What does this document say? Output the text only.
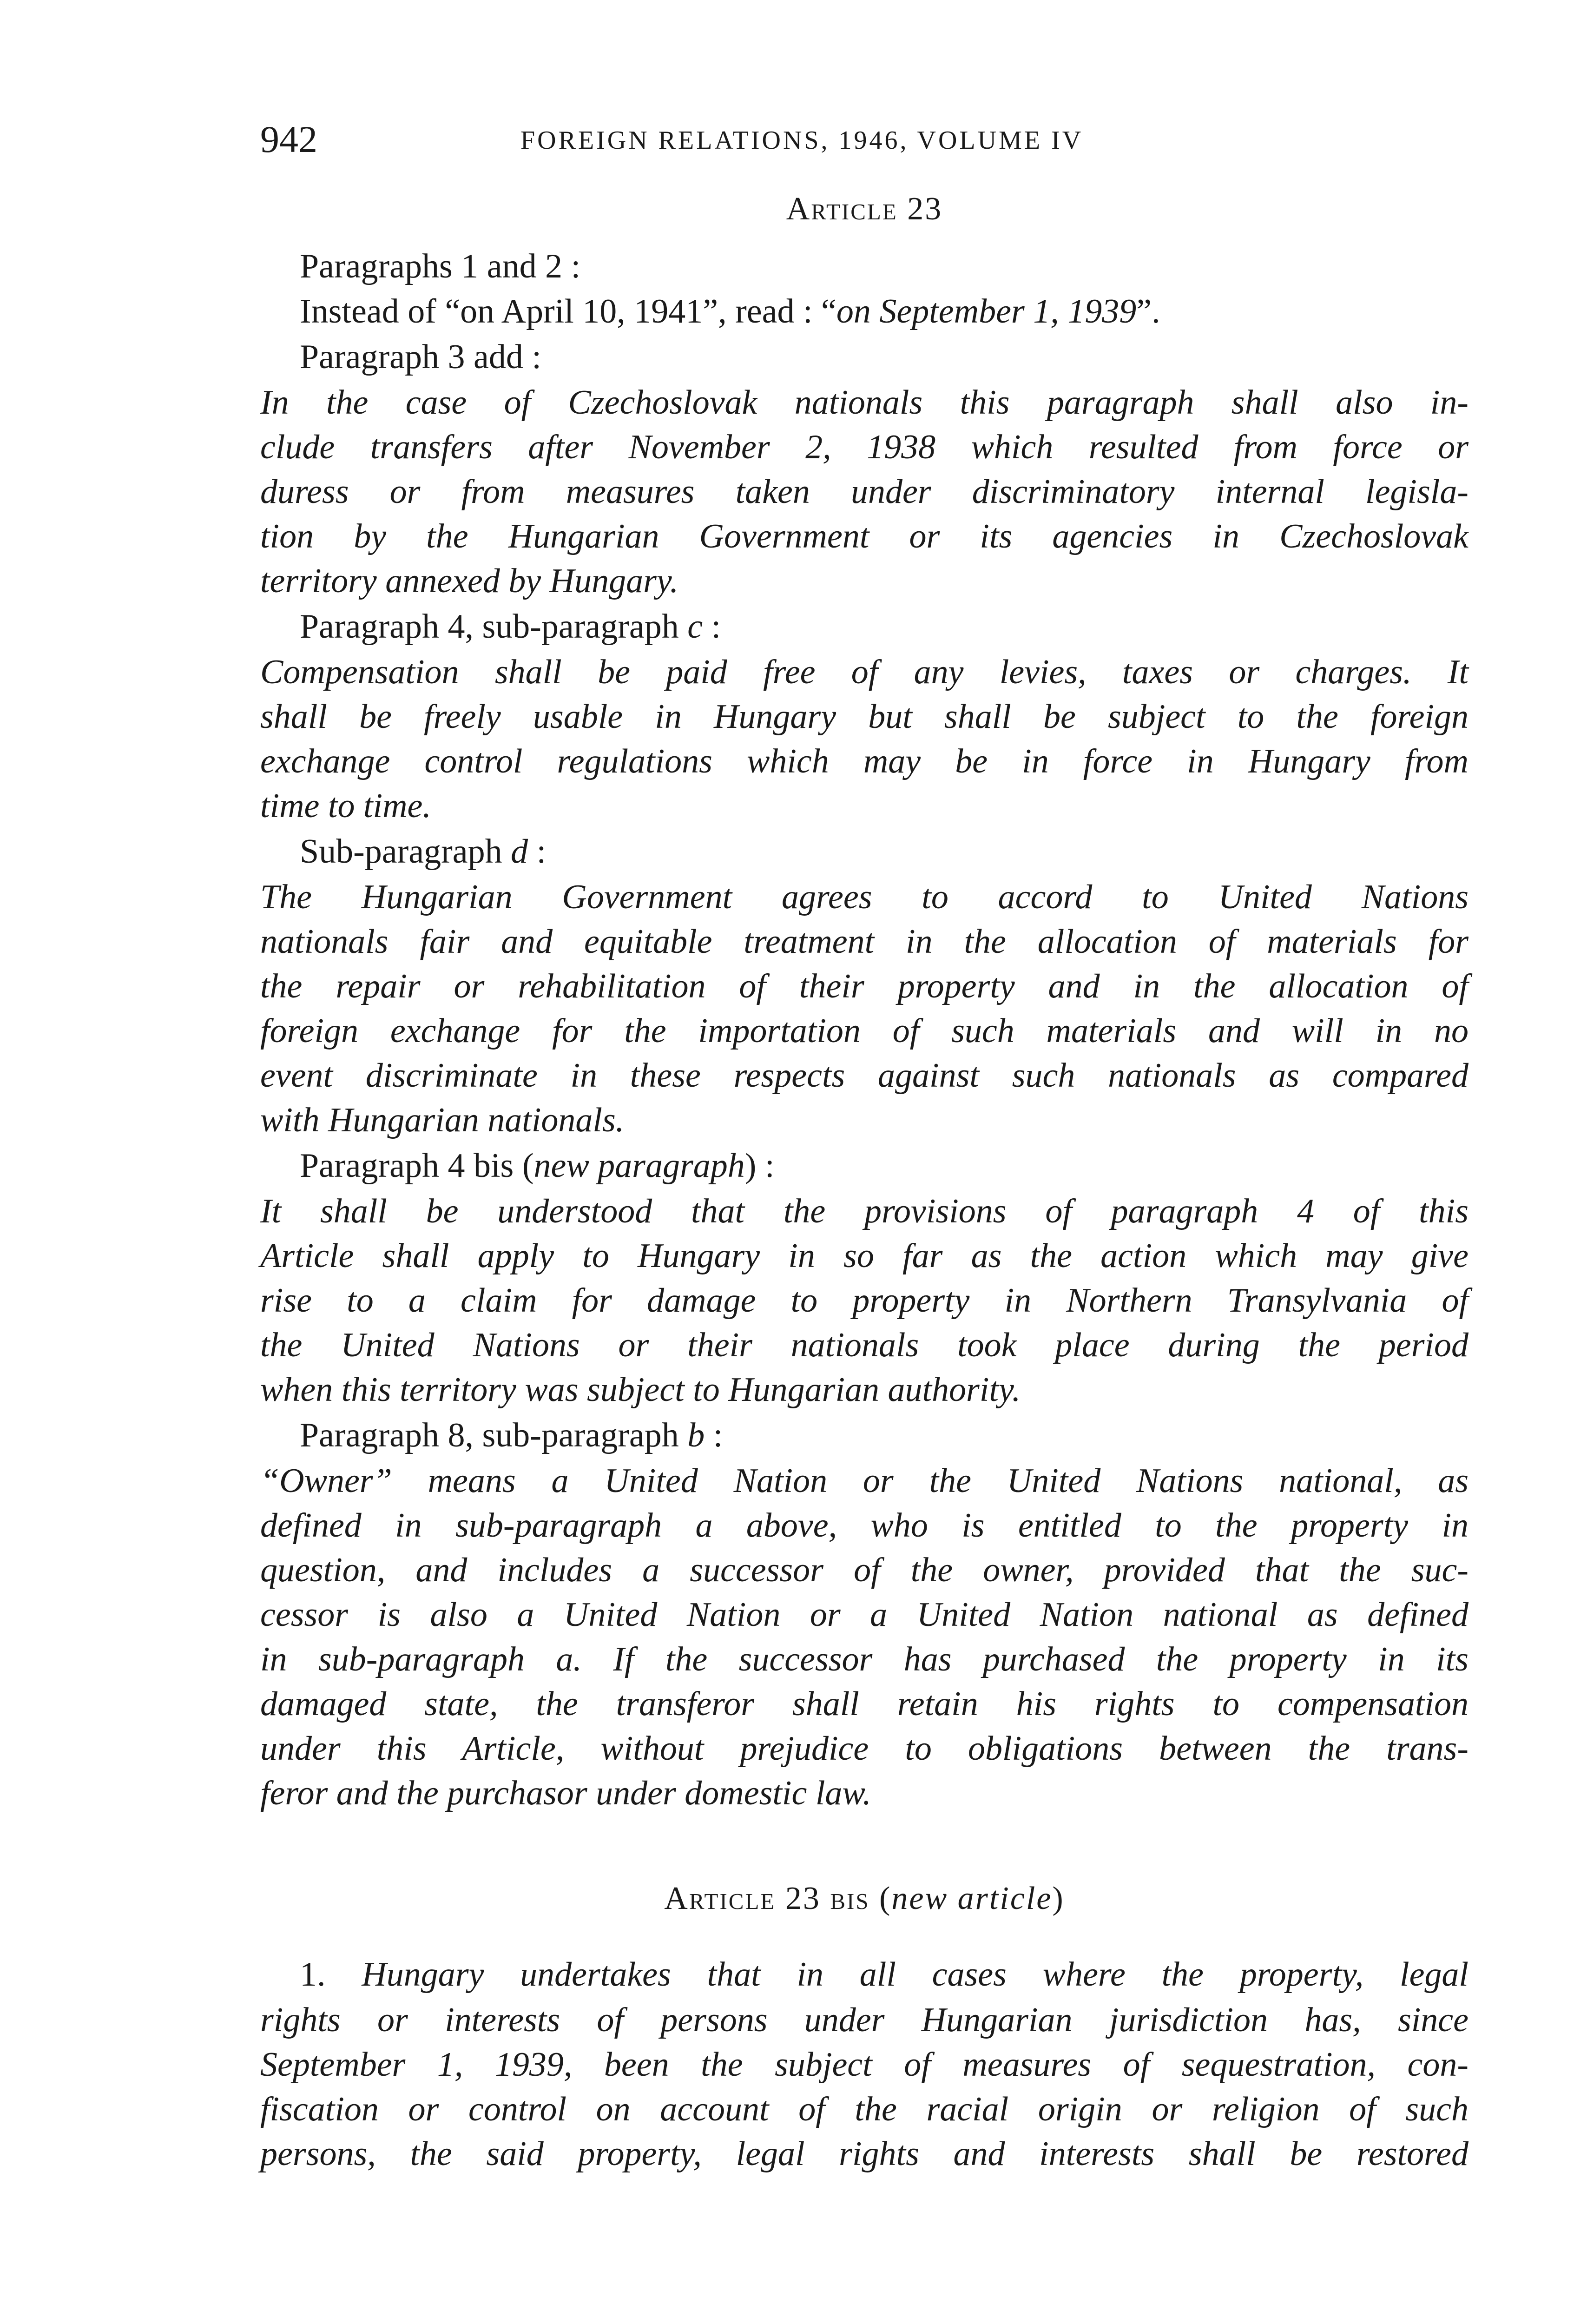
942	FOREIGN RELATIONS, 1946, VOLUME IV
Article 23
Paragraphs 1 and 2 :
Instead of “on April 10, 1941”, read : “on September 1, 1939”.
Paragraph 3 add :
In the case of Czechoslovak nationals this paragraph shall also in-
clude transfers after November 2, 1938 which resulted from force or
duress or from measures taken under discriminatory internal legisla-
tion by the Hungarian Government or its agencies in Czechoslovak
territory annexed by Hungary.
Paragraph 4, sub-paragraph c :
Compensation shall be paid free of any levies, taxes or charges. It
shall be freely usable in Hungary but shall be subject to the foreign
exchange control regulations which may be in force in Hungary from
time to time.
Sub-paragraph d :
The Hungarian Government agrees to accord to United Nations
nationals fair and equitable treatment in the allocation of materials for
the repair or rehabilitation of their property and in the allocation of
foreign exchange for the importation of such materials and will in no
event discriminate in these respects against such nationals as compared
with Hungarian nationals.
Paragraph 4 bis (new paragraph) :
It shall be understood that the provisions of paragraph 4 of this
Article shall apply to Hungary in so far as the action which may give
rise to a claim for damage to property in Northern Transylvania of
the United Nations or their nationals took place during the period
when this territory was subject to Hungarian authority.
Paragraph 8, sub-paragraph b :
“Owner” means a United Nation or the United Nations national, as
defined in sub-paragraph a above, who is entitled to the property in
question, and includes a successor of the owner, provided that the suc-
cessor is also a United Nation or a United Nation national as defined
in sub-paragraph a. If the successor has purchased the property in its
damaged state, the transferor shall retain his rights to compensation
under this Article, without prejudice to obligations between the trans-
feror and the purchasor under domestic law.
Article 23 bis (new article)
1. Hungary undertakes that in all cases where the property, legal
rights or interests of persons under Hungarian jurisdiction has, since
September 1, 1939, been the subject of measures of sequestration, con-
fiscation or control on account of the racial origin or religion of such
persons, the said property, legal rights and interests shall be restored
